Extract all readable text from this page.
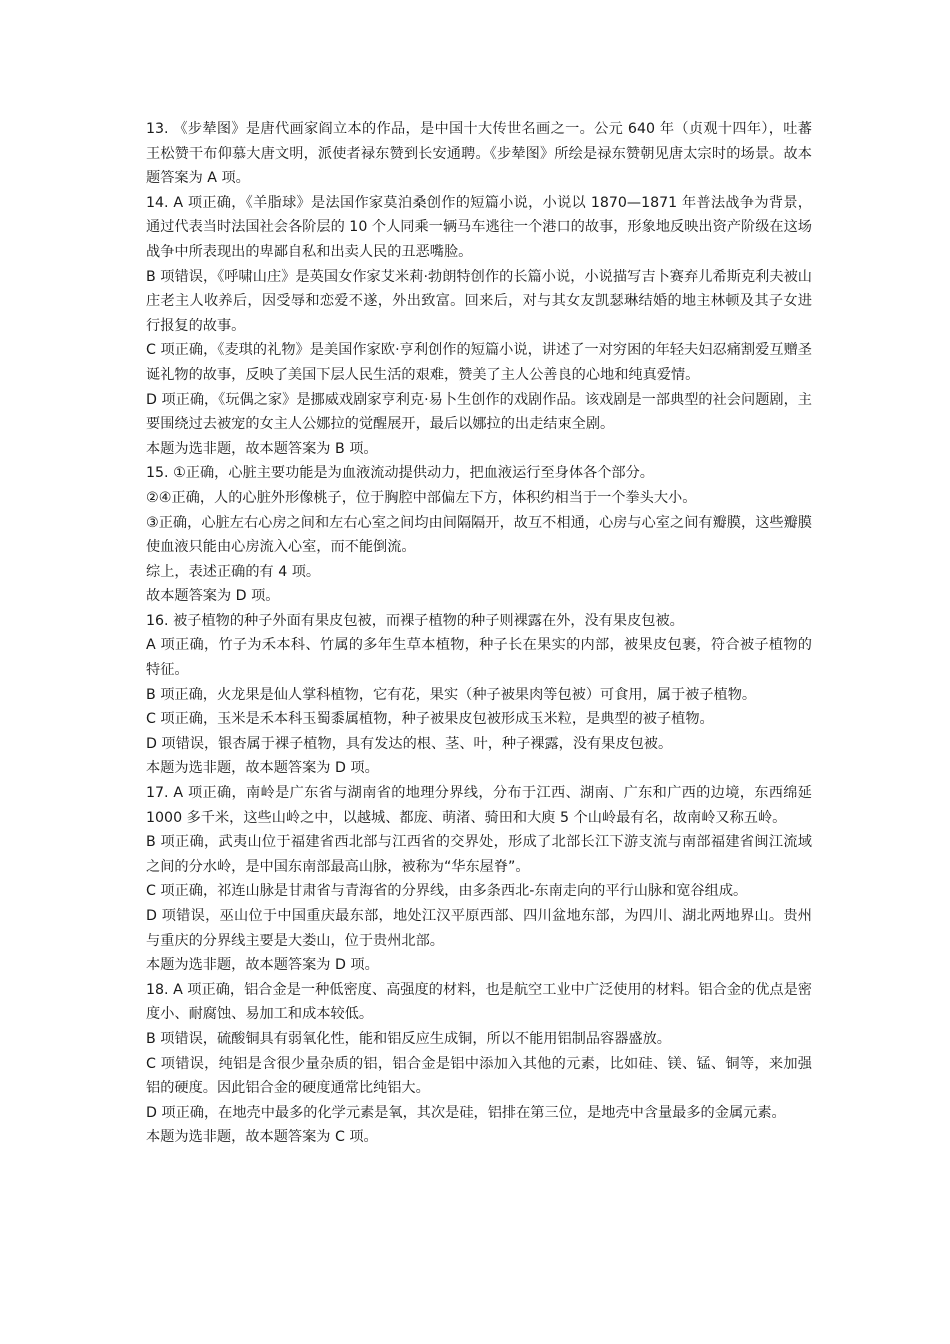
13. 《步辇图》是唐代画家阎立本的作品，是中国十大传世名画之一。公元 640 年（贞观十四年），吐蕃王松赞干布仰慕大唐文明，派使者禄东赞到长安通聘。《步辇图》所绘是禄东赞朝见唐太宗时的场景。故本题答案为 A 项。

14. A 项正确，《羊脂球》是法国作家莫泊桑创作的短篇小说，小说以 1870—1871 年普法战争为背景，通过代表当时法国社会各阶层的 10 个人同乘一辆马车逃往一个港口的故事，形象地反映出资产阶级在这场战争中所表现出的卑鄙自私和出卖人民的丑恶嘴脸。

B 项错误，《呼啸山庄》是英国女作家艾米莉·勃朗特创作的长篇小说，小说描写吉卜赛弃儿希斯克利夫被山庄老主人收养后，因受辱和恋爱不遂，外出致富。回来后，对与其女友凯瑟琳结婚的地主林顿及其子女进行报复的故事。

C 项正确，《麦琪的礼物》是美国作家欧·亨利创作的短篇小说，讲述了一对穷困的年轻夫妇忍痛割爱互赠圣诞礼物的故事，反映了美国下层人民生活的艰难，赞美了主人公善良的心地和纯真爱情。

D 项正确，《玩偶之家》是挪威戏剧家亨利克·易卜生创作的戏剧作品。该戏剧是一部典型的社会问题剧，主要围绕过去被宠的女主人公娜拉的觉醒展开，最后以娜拉的出走结束全剧。

本题为选非题，故本题答案为 B 项。

15. ①正确，心脏主要功能是为血液流动提供动力，把血液运行至身体各个部分。

②④正确，人的心脏外形像桃子，位于胸腔中部偏左下方，体积约相当于一个拳头大小。

③正确，心脏左右心房之间和左右心室之间均由间隔隔开，故互不相通，心房与心室之间有瓣膜，这些瓣膜使血液只能由心房流入心室，而不能倒流。

综上，表述正确的有 4 项。

故本题答案为 D 项。

16. 被子植物的种子外面有果皮包被，而裸子植物的种子则裸露在外，没有果皮包被。

A 项正确，竹子为禾本科、竹属的多年生草本植物，种子长在果实的内部，被果皮包裹，符合被子植物的特征。

B 项正确，火龙果是仙人掌科植物，它有花，果实（种子被果肉等包被）可食用，属于被子植物。

C 项正确，玉米是禾本科玉蜀黍属植物，种子被果皮包被形成玉米粒，是典型的被子植物。

D 项错误，银杏属于裸子植物，具有发达的根、茎、叶，种子裸露，没有果皮包被。

本题为选非题，故本题答案为 D 项。

17. A 项正确，南岭是广东省与湖南省的地理分界线，分布于江西、湖南、广东和广西的边境，东西绵延 1000 多千米，这些山岭之中，以越城、都庞、萌渚、骑田和大庾 5 个山岭最有名，故南岭又称五岭。

B 项正确，武夷山位于福建省西北部与江西省的交界处，形成了北部长江下游支流与南部福建省闽江流域之间的分水岭，是中国东南部最高山脉，被称为“华东屋脊”。

C 项正确，祁连山脉是甘肃省与青海省的分界线，由多条西北-东南走向的平行山脉和宽谷组成。

D 项错误，巫山位于中国重庆最东部，地处江汉平原西部、四川盆地东部，为四川、湖北两地界山。贵州与重庆的分界线主要是大娄山，位于贵州北部。

本题为选非题，故本题答案为 D 项。

18. A 项正确，铝合金是一种低密度、高强度的材料，也是航空工业中广泛使用的材料。铝合金的优点是密度小、耐腐蚀、易加工和成本较低。

B 项错误，硫酸铜具有弱氧化性，能和铝反应生成铜，所以不能用铝制品容器盛放。

C 项错误，纯铝是含很少量杂质的铝，铝合金是铝中添加入其他的元素，比如硅、镁、锰、铜等，来加强铝的硬度。因此铝合金的硬度通常比纯铝大。

D 项正确，在地壳中最多的化学元素是氧，其次是硅，铝排在第三位，是地壳中含量最多的金属元素。

本题为选非题，故本题答案为 C 项。
